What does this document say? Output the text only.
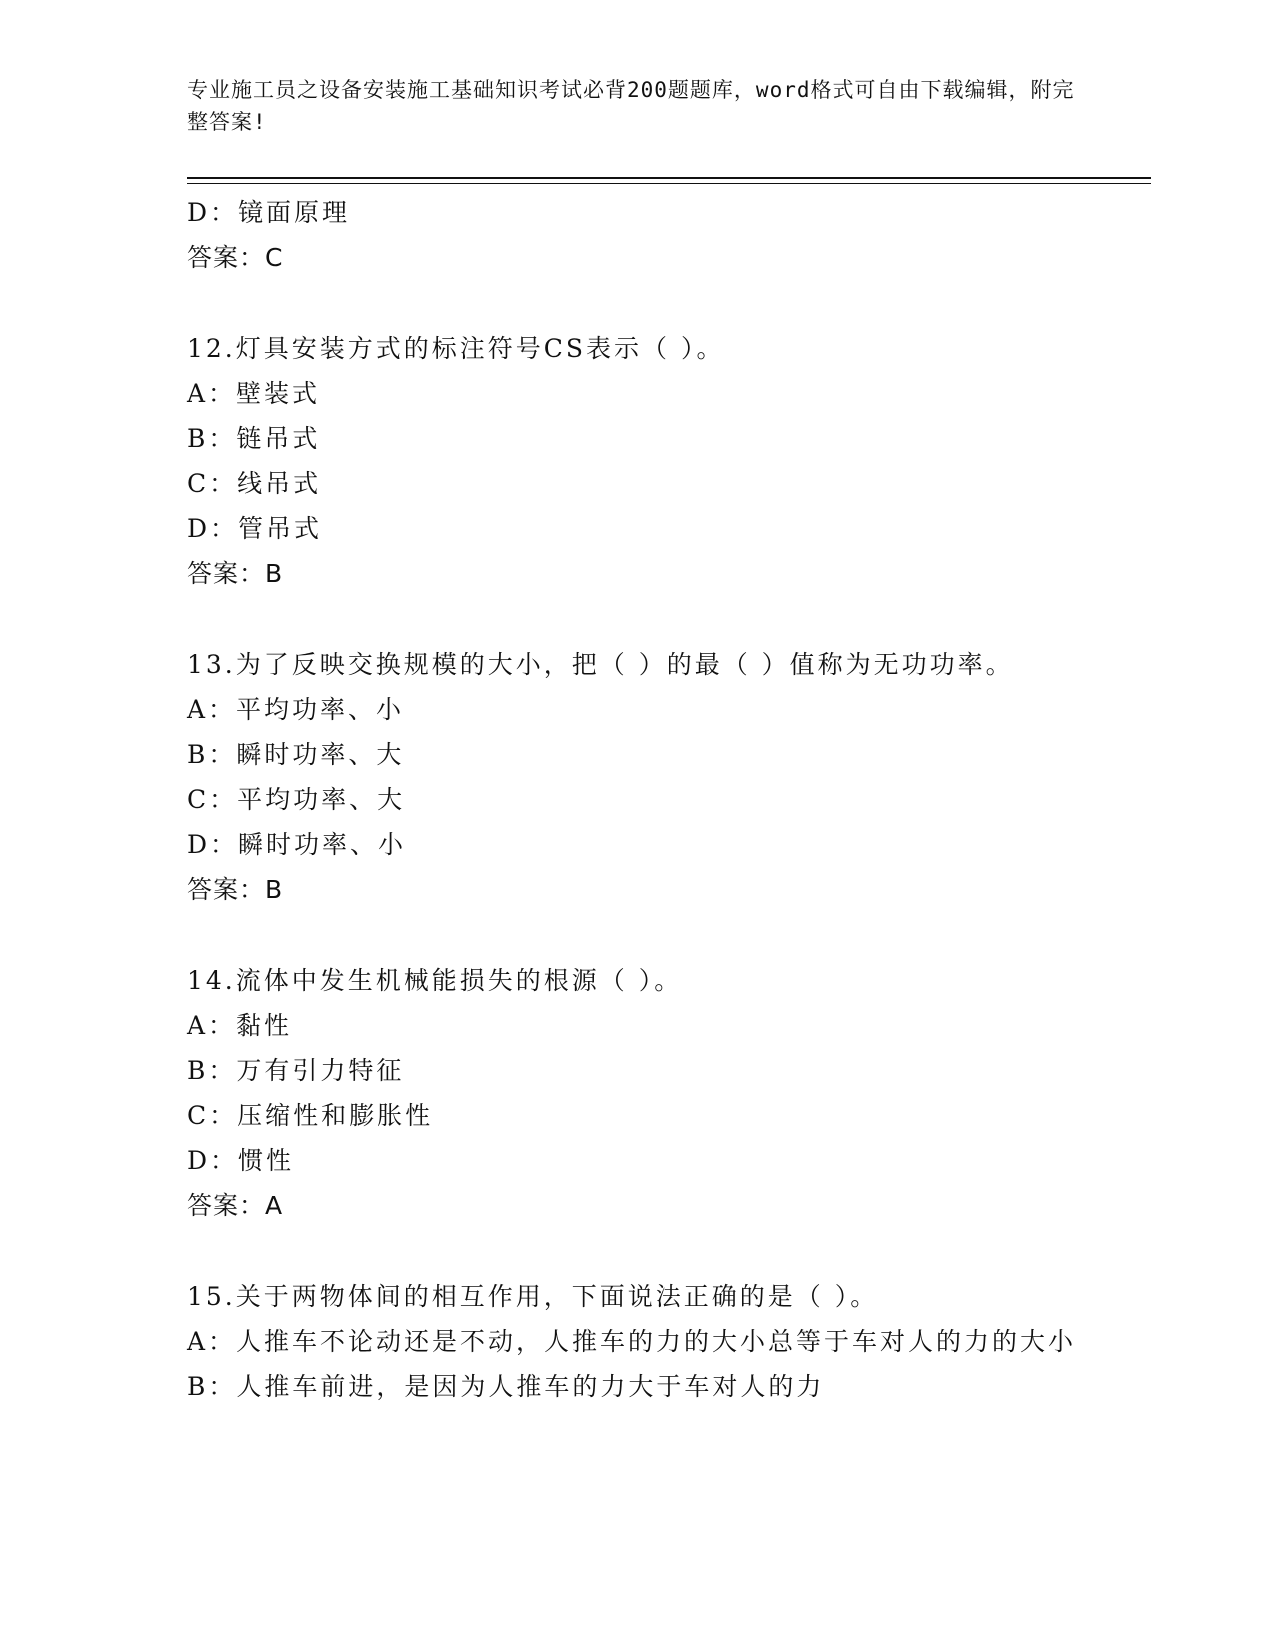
专业施工员之设备安装施工基础知识考试必背200题题库，word格式可自由下载编辑，附完整答案!
D：镜面原理
答案：C
12.灯具安装方式的标注符号CS表示（ ）。
A：壁装式
B：链吊式
C：线吊式
D：管吊式
答案：B
13.为了反映交换规模的大小，把（ ）的最（ ）值称为无功功率。
A：平均功率、小
B：瞬时功率、大
C：平均功率、大
D：瞬时功率、小
答案：B
14.流体中发生机械能损失的根源（ ）。
A：黏性
B：万有引力特征
C：压缩性和膨胀性
D：惯性
答案：A
15.关于两物体间的相互作用，下面说法正确的是（ ）。
A：人推车不论动还是不动，人推车的力的大小总等于车对人的力的大小
B：人推车前进，是因为人推车的力大于车对人的力
